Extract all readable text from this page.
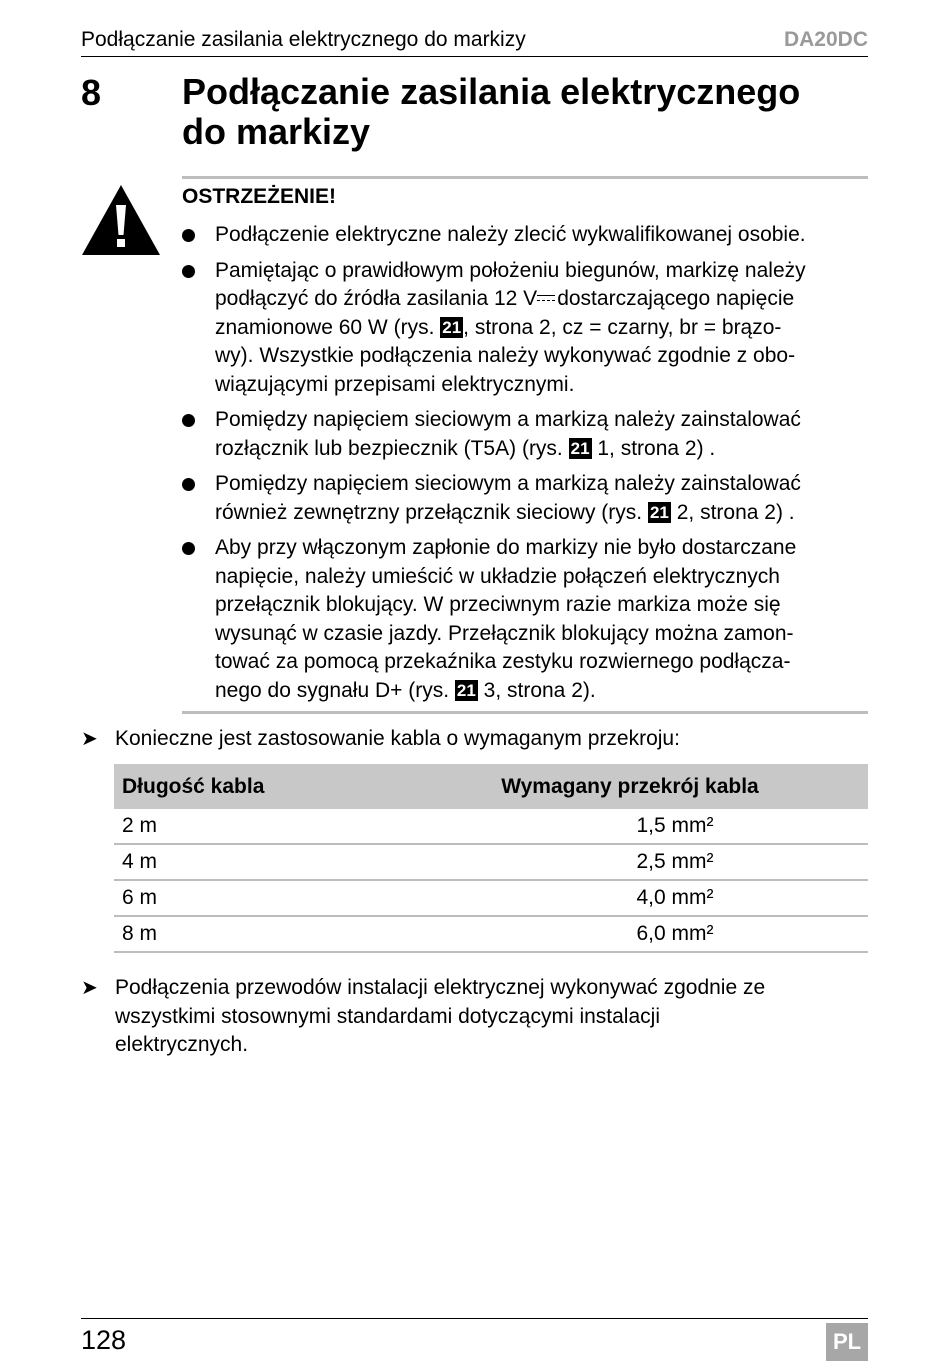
Podłączanie zasilania elektrycznego do markizy	DA20DC
8 Podłączanie zasilania elektrycznego
do markizy
OSTRZEŻENIE!
Podłączenie elektryczne należy zlecić wykwalifikowanej osobie.
Pamiętając o prawidłowym położeniu biegunów, markizę należy
podłączyć do źródła zasilania 12 V dostarczającego napięcie
znamionowe 60 W (rys. 21, strona 2, cz = czarny, br = brązo-
wy). Wszystkie podłączenia należy wykonywać zgodnie z obo-
wiązującymi przepisami elektrycznymi.
Pomiędzy napięciem sieciowym a markizą należy zainstalować
rozłącznik lub bezpiecznik (T5A) (rys. 21 1, strona 2) .
Pomiędzy napięciem sieciowym a markizą należy zainstalować
również zewnętrzny przełącznik sieciowy (rys. 21 2, strona 2) .
Aby przy włączonym zapłonie do markizy nie było dostarczane
napięcie, należy umieścić w układzie połączeń elektrycznych
przełącznik blokujący. W przeciwnym razie markiza może się
wysunąć w czasie jazdy. Przełącznik blokujący można zamon-
tować za pomocą przekaźnika zestyku rozwiernego podłącza-
nego do sygnału D+ (rys. 21 3, strona 2).
➤ Konieczne jest zastosowanie kabla o wymaganym przekroju:
Długość kabla	Wymagany przekrój kabla
2 m	1,5 mm²
4 m	2,5 mm²
6 m	4,0 mm²
8 m	6,0 mm²
➤ Podłączenia przewodów instalacji elektrycznej wykonywać zgodnie ze
wszystkimi stosownymi standardami dotyczącymi instalacji
elektrycznych.
128	PL
